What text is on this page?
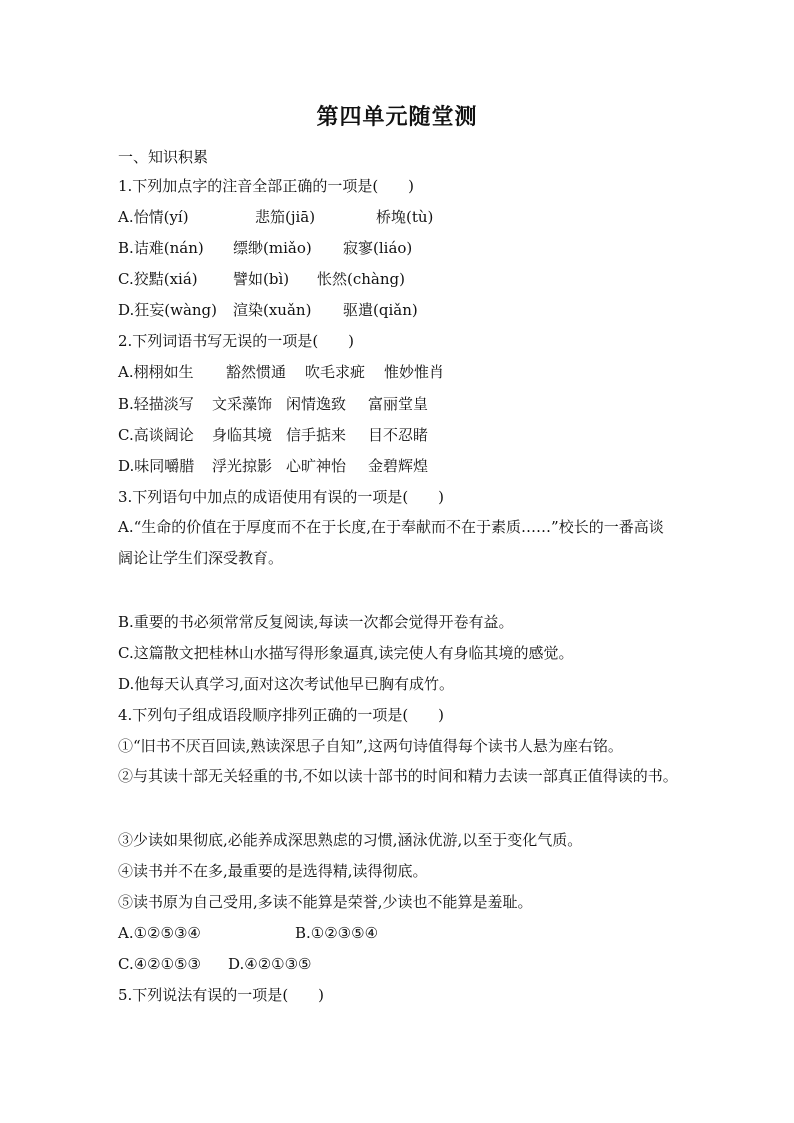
第四单元随堂测
一、知识积累
1.下列加点字的注音全部正确的一项是(　　)
A.怡情(yí)	悲笳(jiā)	桥堍(tù)
B.诘难(nán) 缥缈(miǎo) 寂寥(liáo)
C.狡黠(xiá) 譬如(bì) 怅然(chàng)
D.狂妄(wàng) 渲染(xuǎn) 驱遣(qiǎn)
2.下列词语书写无误的一项是(　　)
A.栩栩如生 豁然惯通 吹毛求疵 惟妙惟肖
B.轻描淡写 文采藻饰 闲情逸致 富丽堂皇
C.高谈阔论 身临其境 信手掂来 目不忍睹
D.味同嚼腊 浮光掠影 心旷神怡 金碧辉煌
3.下列语句中加点的成语使用有误的一项是(　　)
A.“生命的价值在于厚度而不在于长度,在于奉献而不在于素质……”校长的一番高谈阔论让学生们深受教育。
B.重要的书必须常常反复阅读,每读一次都会觉得开卷有益。
C.这篇散文把桂林山水描写得形象逼真,读完使人有身临其境的感觉。
D.他每天认真学习,面对这次考试他早已胸有成竹。
4.下列句子组成语段顺序排列正确的一项是(　　)
①“旧书不厌百回读,熟读深思子自知”,这两句诗值得每个读书人悬为座右铭。
②与其读十部无关轻重的书,不如以读十部书的时间和精力去读一部真正值得读的书。
③少读如果彻底,必能养成深思熟虑的习惯,涵泳优游,以至于变化气质。
④读书并不在多,最重要的是选得精,读得彻底。
⑤读书原为自己受用,多读不能算是荣誉,少读也不能算是羞耻。
A.①②⑤③④	B.①②③⑤④
C.④②①⑤③ D.④②①③⑤
5.下列说法有误的一项是(　　)
